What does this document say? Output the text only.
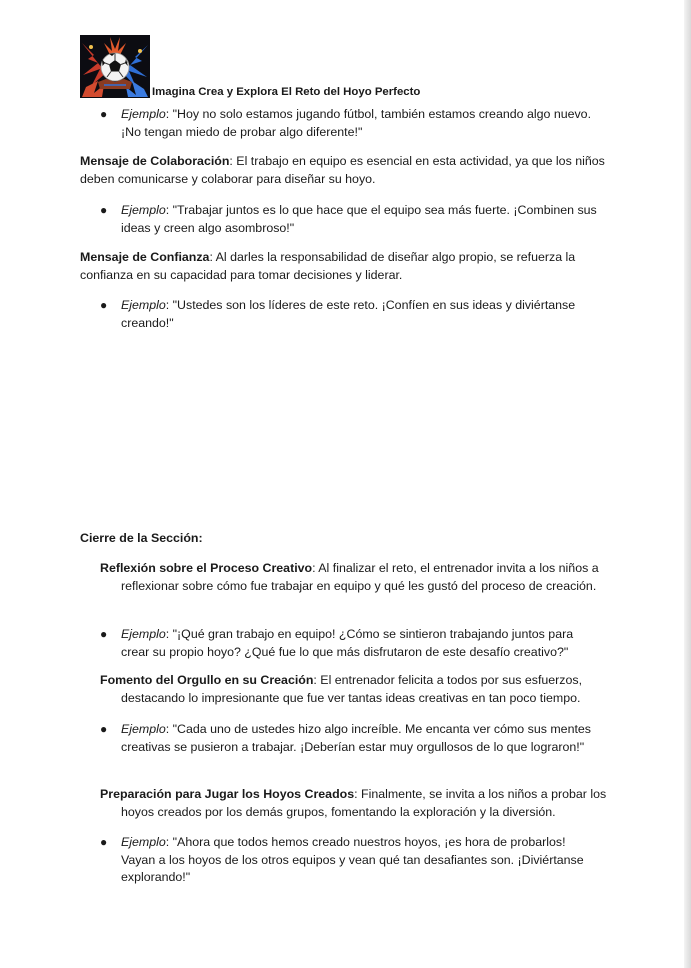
Imagina Crea y Explora El Reto del Hoyo Perfecto

● Ejemplo: "Hoy no solo estamos jugando fútbol, también estamos creando algo nuevo. ¡No tengan miedo de probar algo diferente!"

Mensaje de Colaboración: El trabajo en equipo es esencial en esta actividad, ya que los niños deben comunicarse y colaborar para diseñar su hoyo.

● Ejemplo: "Trabajar juntos es lo que hace que el equipo sea más fuerte. ¡Combinen sus ideas y creen algo asombroso!"

Mensaje de Confianza: Al darles la responsabilidad de diseñar algo propio, se refuerza la confianza en su capacidad para tomar decisiones y liderar.

● Ejemplo: "Ustedes son los líderes de este reto. ¡Confíen en sus ideas y diviértanse creando!"

Cierre de la Sección:

Reflexión sobre el Proceso Creativo: Al finalizar el reto, el entrenador invita a los niños a reflexionar sobre cómo fue trabajar en equipo y qué les gustó del proceso de creación.

● Ejemplo: "¡Qué gran trabajo en equipo! ¿Cómo se sintieron trabajando juntos para crear su propio hoyo? ¿Qué fue lo que más disfrutaron de este desafío creativo?"

Fomento del Orgullo en su Creación: El entrenador felicita a todos por sus esfuerzos, destacando lo impresionante que fue ver tantas ideas creativas en tan poco tiempo.

● Ejemplo: "Cada uno de ustedes hizo algo increíble. Me encanta ver cómo sus mentes creativas se pusieron a trabajar. ¡Deberían estar muy orgullosos de lo que lograron!"

Preparación para Jugar los Hoyos Creados: Finalmente, se invita a los niños a probar los hoyos creados por los demás grupos, fomentando la exploración y la diversión.

● Ejemplo: "Ahora que todos hemos creado nuestros hoyos, ¡es hora de probarlos! Vayan a los hoyos de los otros equipos y vean qué tan desafiantes son. ¡Diviértanse explorando!"
